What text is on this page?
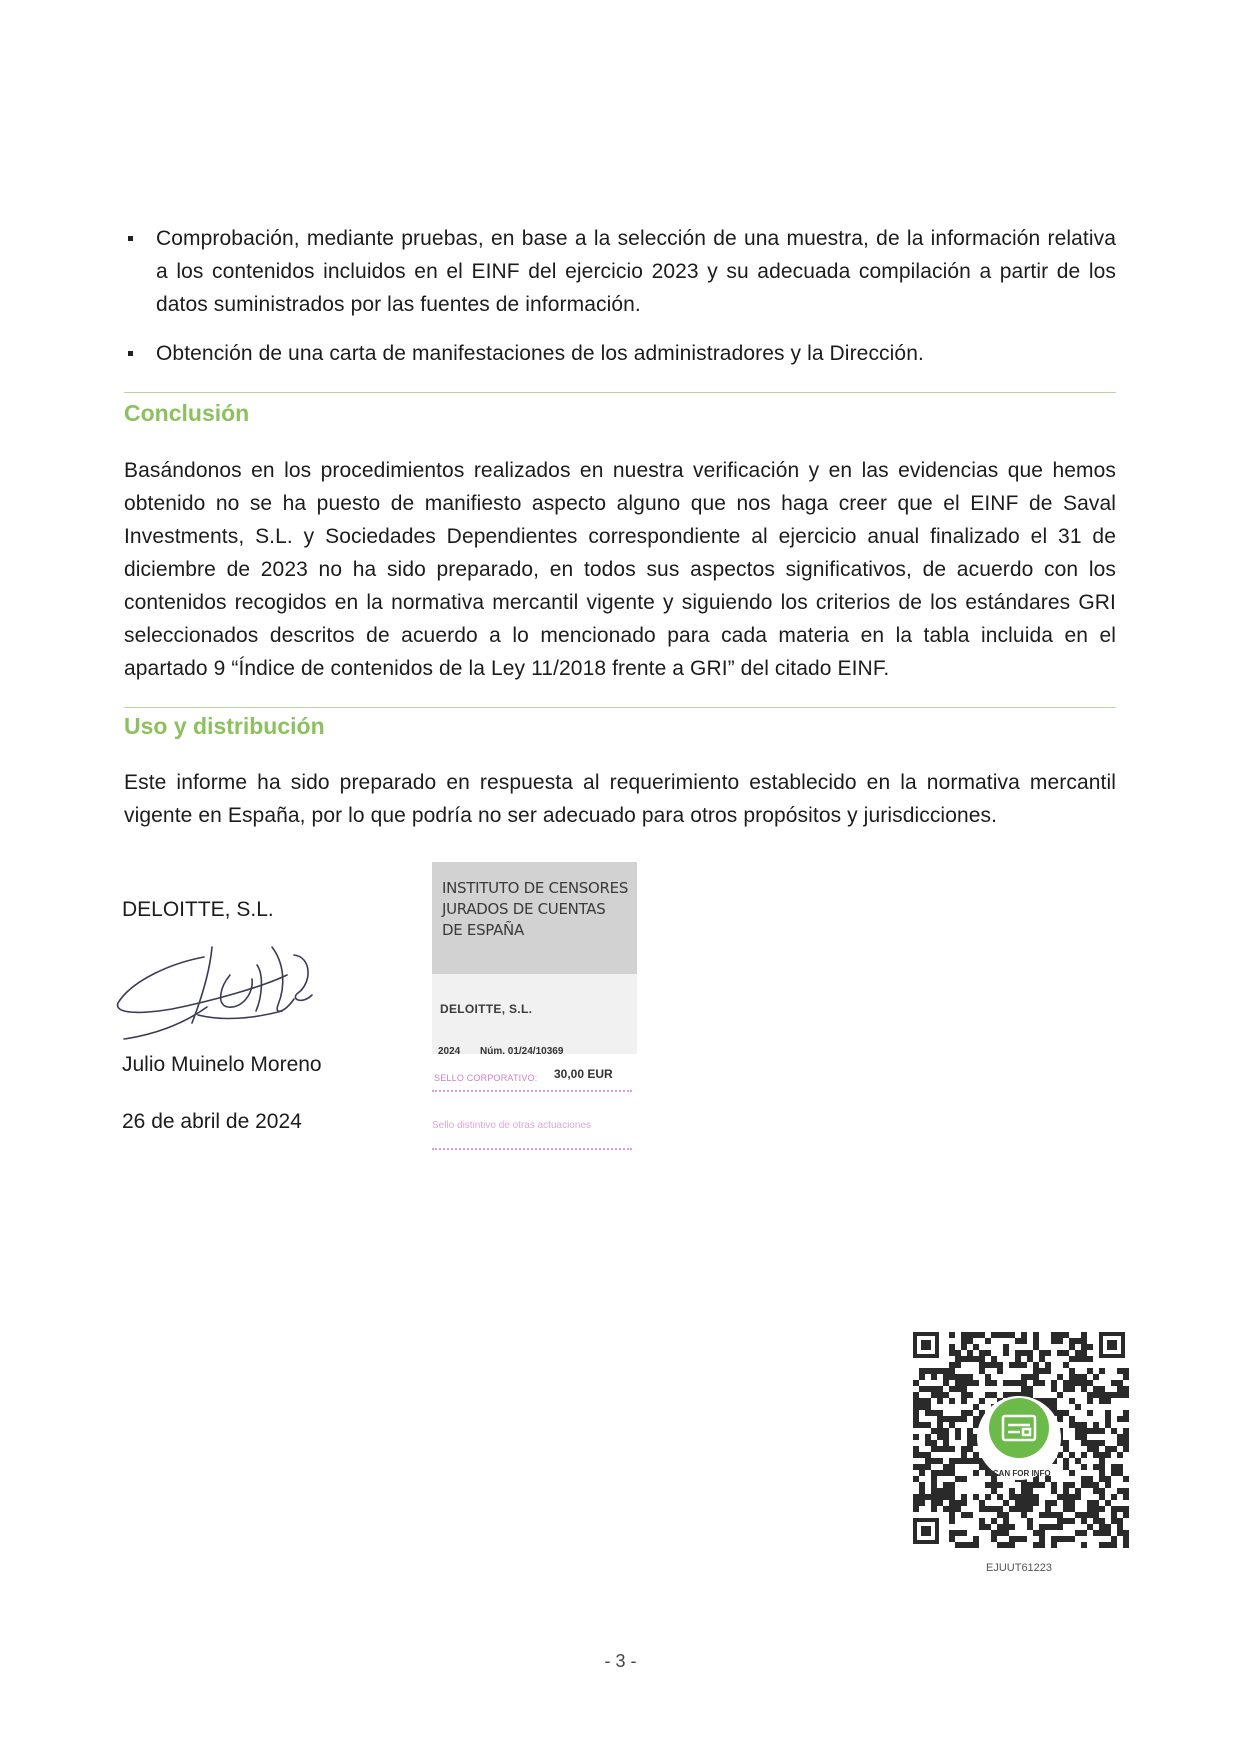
Comprobación, mediante pruebas, en base a la selección de una muestra, de la información relativa a los contenidos incluidos en el EINF del ejercicio 2023 y su adecuada compilación a partir de los datos suministrados por las fuentes de información.
Obtención de una carta de manifestaciones de los administradores y la Dirección.
Conclusión
Basándonos en los procedimientos realizados en nuestra verificación y en las evidencias que hemos obtenido no se ha puesto de manifiesto aspecto alguno que nos haga creer que el EINF de Saval Investments, S.L. y Sociedades Dependientes correspondiente al ejercicio anual finalizado el 31 de diciembre de 2023 no ha sido preparado, en todos sus aspectos significativos, de acuerdo con los contenidos recogidos en la normativa mercantil vigente y siguiendo los criterios de los estándares GRI seleccionados descritos de acuerdo a lo mencionado para cada materia en la tabla incluida en el apartado 9 “Índice de contenidos de la Ley 11/2018 frente a GRI” del citado EINF.
Uso y distribución
Este informe ha sido preparado en respuesta al requerimiento establecido en la normativa mercantil vigente en España, por lo que podría no ser adecuado para otros propósitos y jurisdicciones.
DELOITTE, S.L.
Julio Muinelo Moreno
26 de abril de 2024
INSTITUTO DE CENSORES
JURADOS DE CUENTAS
DE ESPAÑA
DELOITTE, S.L.
2024 Núm. 01/24/10369
SELLO CORPORATIVO: 30,00 EUR
Sello distintivo de otras actuaciones
SCAN FOR INFO
EJUUT61223
- 3 -
